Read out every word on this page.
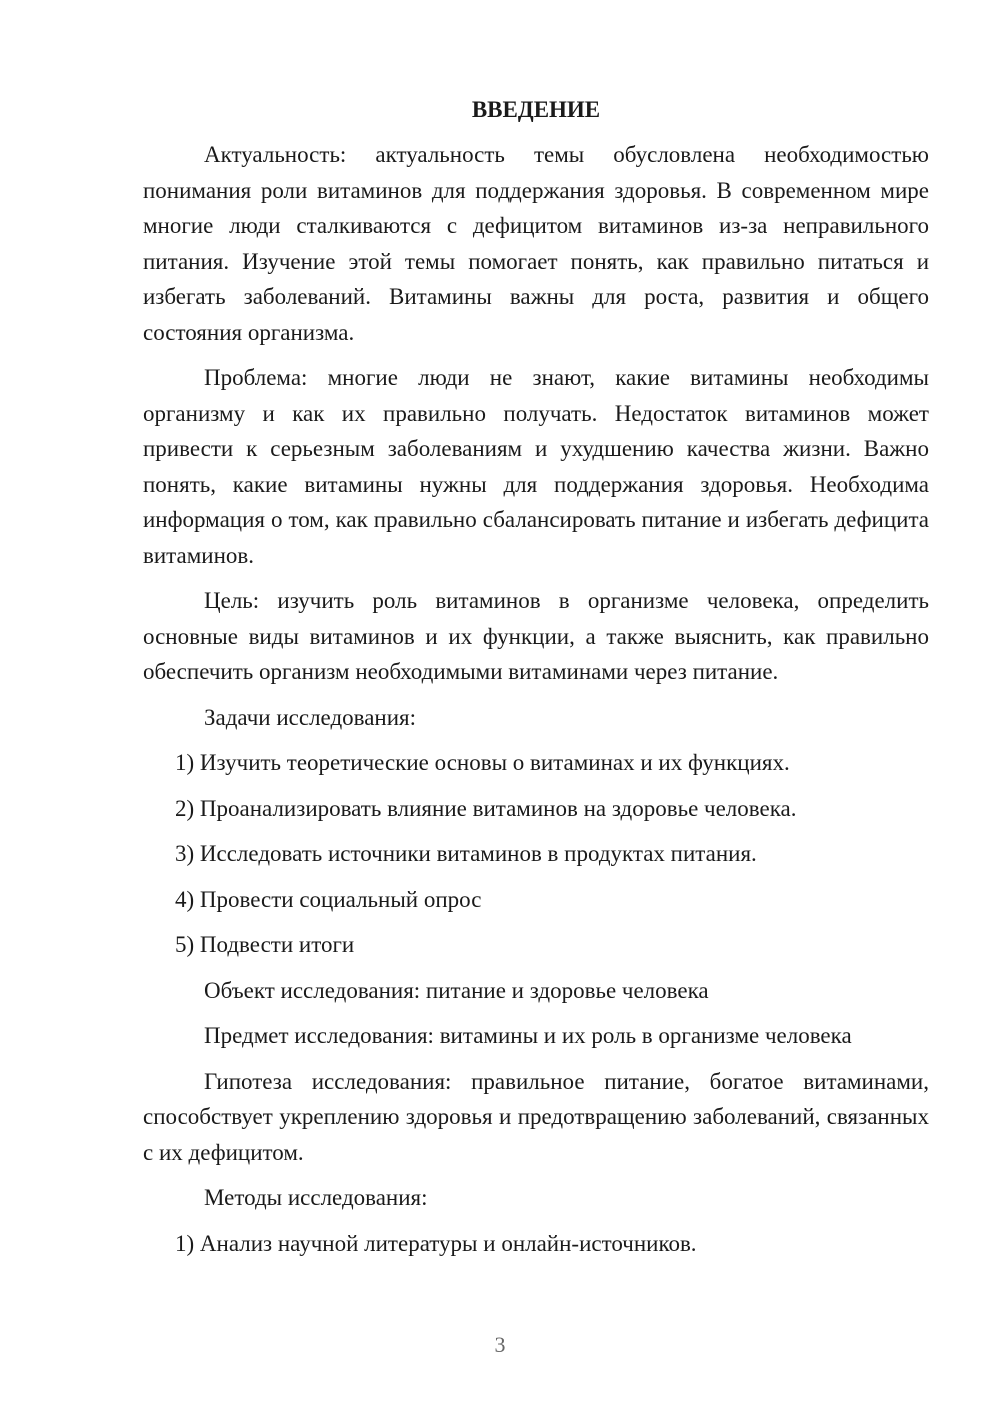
ВВЕДЕНИЕ

Актуальность: актуальность темы обусловлена необходимостью понимания роли витаминов для поддержания здоровья. В современном мире многие люди сталкиваются с дефицитом витаминов из-за неправильного питания. Изучение этой темы помогает понять, как правильно питаться и избегать заболеваний. Витамины важны для роста, развития и общего состояния организма.

Проблема: многие люди не знают, какие витамины необходимы организму и как их правильно получать. Недостаток витаминов может привести к серьезным заболеваниям и ухудшению качества жизни. Важно понять, какие витамины нужны для поддержания здоровья. Необходима информация о том, как правильно сбалансировать питание и избегать дефицита витаминов.

Цель: изучить роль витаминов в организме человека, определить основные виды витаминов и их функции, а также выяснить, как правильно обеспечить организм необходимыми витаминами через питание.

Задачи исследования:
1) Изучить теоретические основы о витаминах и их функциях.
2) Проанализировать влияние витаминов на здоровье человека.
3) Исследовать источники витаминов в продуктах питания.
4) Провести социальный опрос
5) Подвести итоги
Объект исследования: питание и здоровье человека
Предмет исследования: витамины и их роль в организме человека

Гипотеза исследования: правильное питание, богатое витаминами, способствует укреплению здоровья и предотвращению заболеваний, связанных с их дефицитом.

Методы исследования:
1) Анализ научной литературы и онлайн-источников.
3
